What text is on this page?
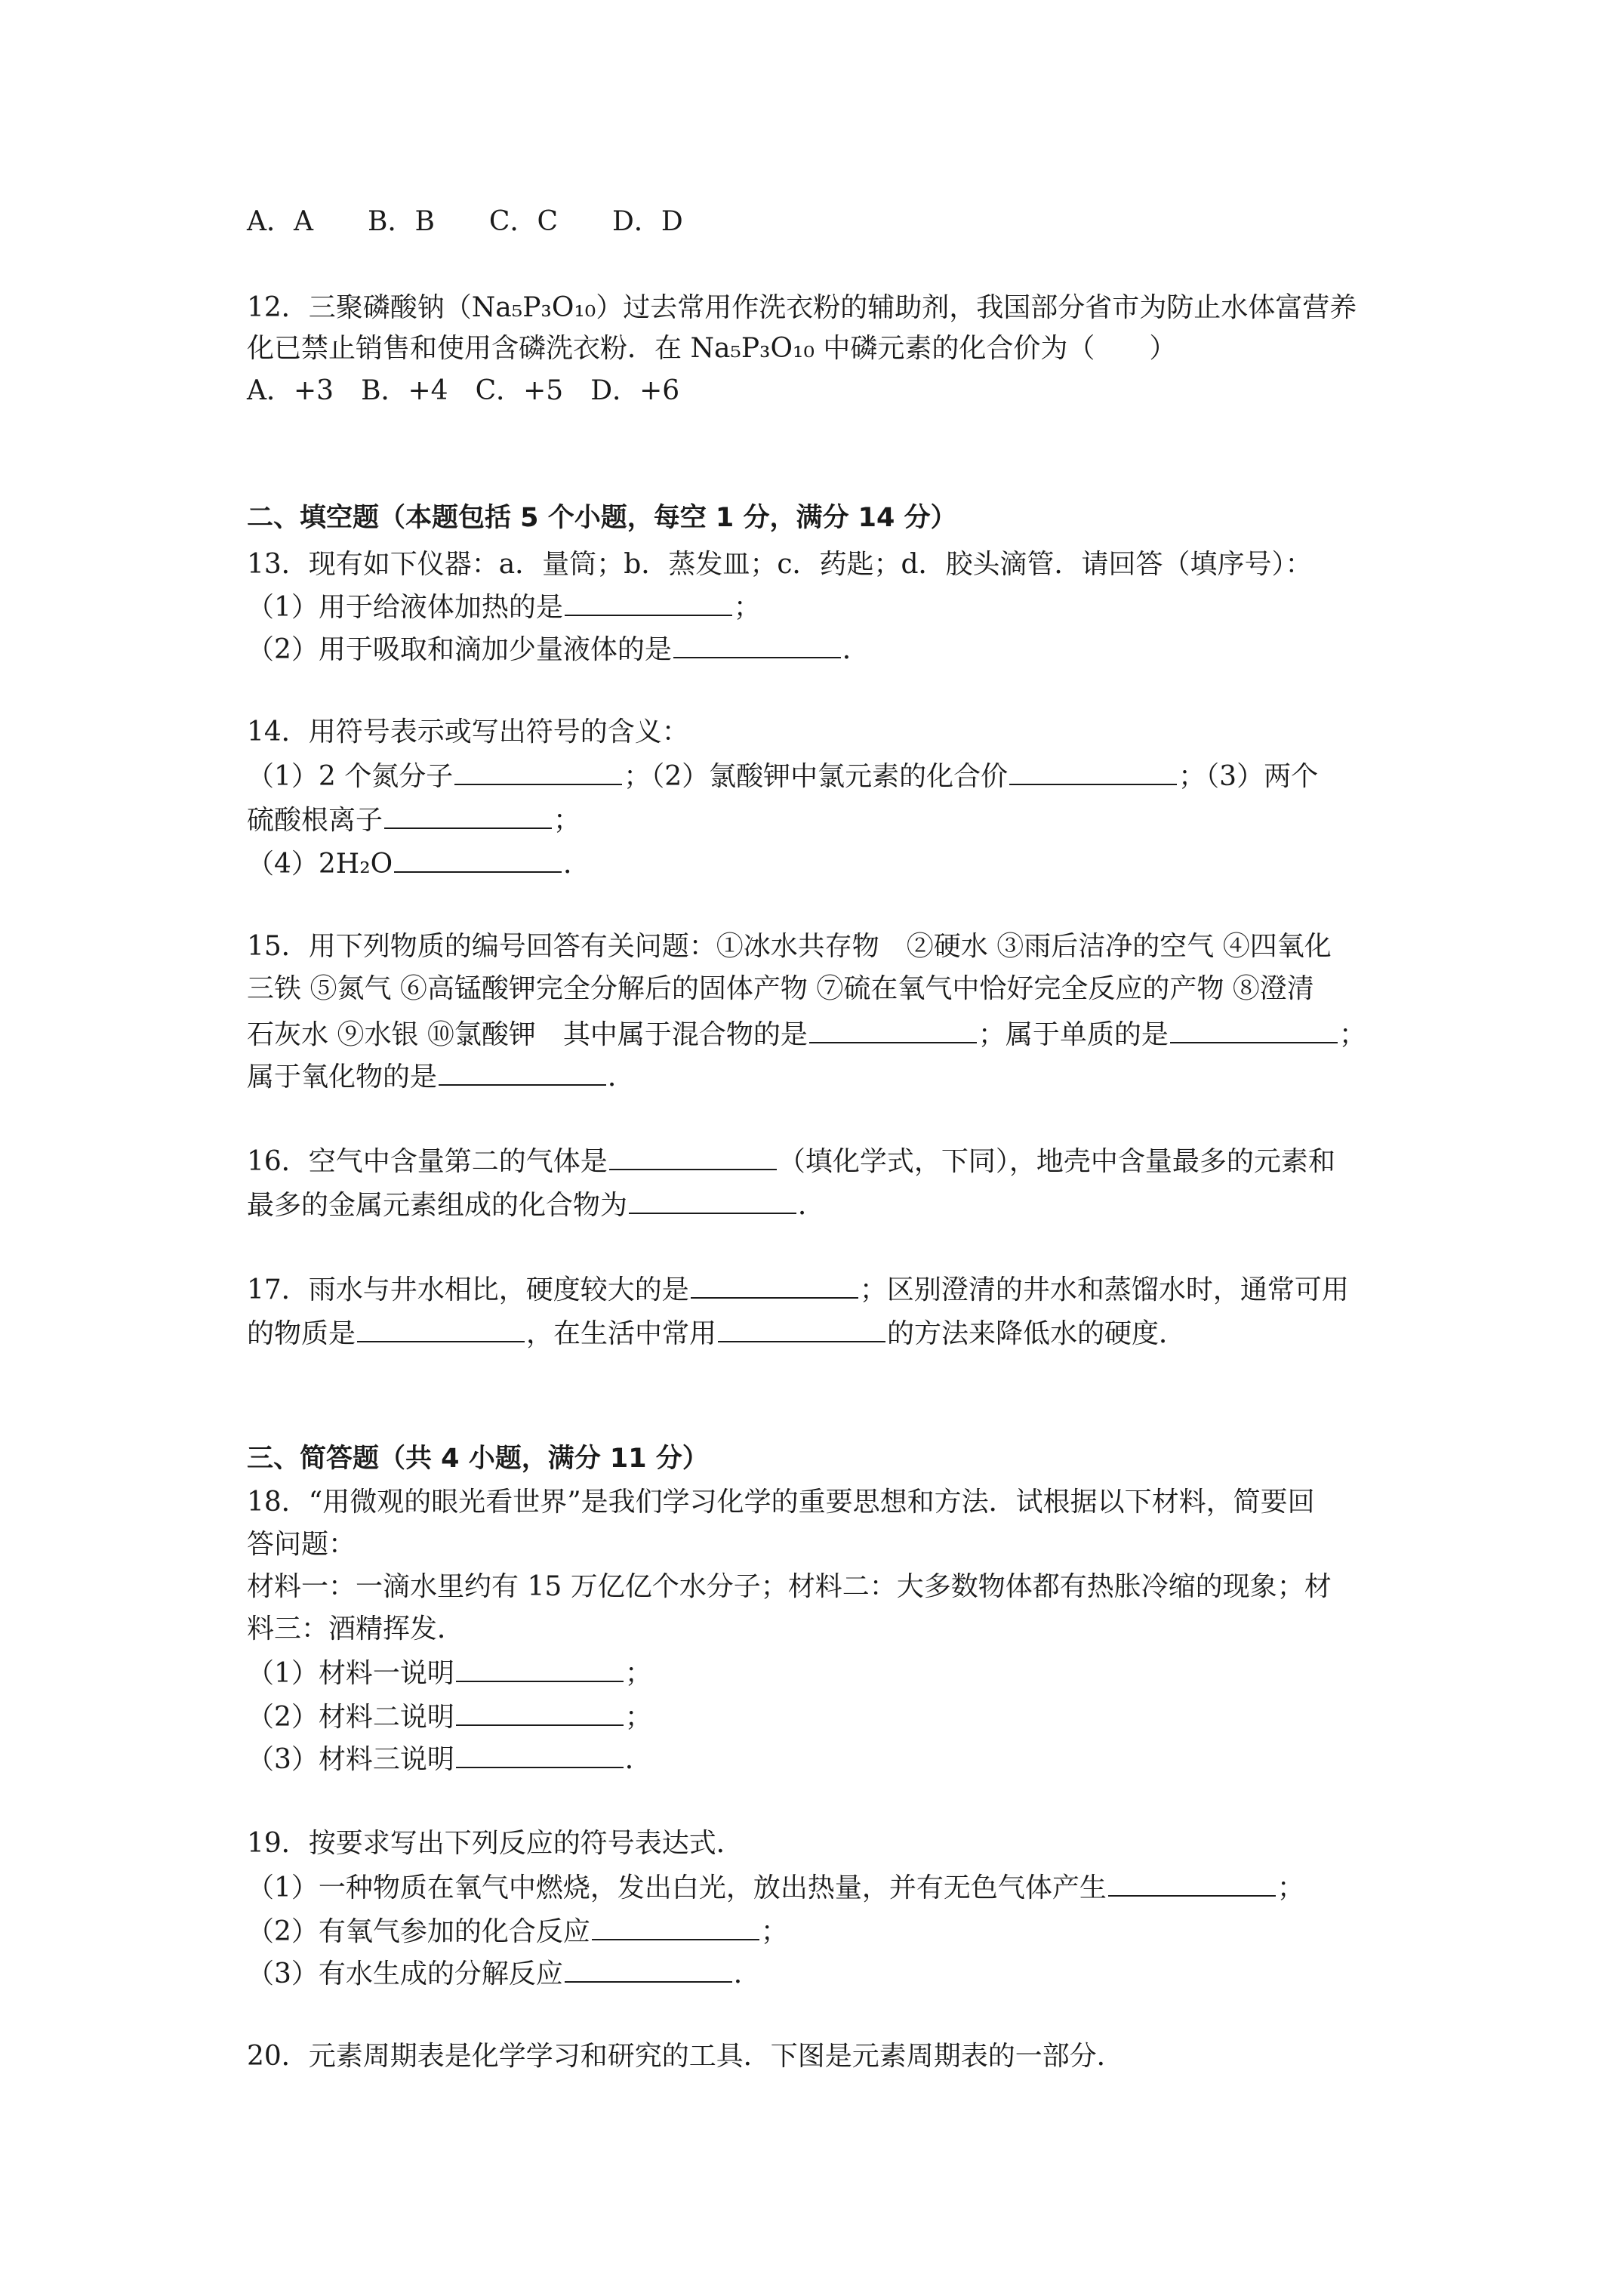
A．A　　B．B　　C．C　　D．D
12．三聚磷酸钠（Na₅P₃O₁₀）过去常用作洗衣粉的辅助剂，我国部分省市为防止水体富营养
化已禁止销售和使用含磷洗衣粉．在 Na₅P₃O₁₀ 中磷元素的化合价为（　　）
A．+3　B．+4　C．+5　D．+6
二、填空题（本题包括 5 个小题，每空 1 分，满分 14 分）
13．现有如下仪器：a．量筒；b．蒸发皿；c．药匙；d．胶头滴管．请回答（填序号）：
（1）用于给液体加热的是	；
（2）用于吸取和滴加少量液体的是	．
14．用符号表示或写出符号的含义：
（1）2 个氮分子	；（2）氯酸钾中氯元素的化合价	；（3）两个
硫酸根离子	；
（4）2H₂O	．
15．用下列物质的编号回答有关问题：①冰水共存物　②硬水 ③雨后洁净的空气 ④四氧化
三铁 ⑤氮气 ⑥高锰酸钾完全分解后的固体产物 ⑦硫在氧气中恰好完全反应的产物 ⑧澄清
石灰水 ⑨水银 ⑩氯酸钾　其中属于混合物的是	；属于单质的是	；
属于氧化物的是	．
16．空气中含量第二的气体是	（填化学式，下同），地壳中含量最多的元素和
最多的金属元素组成的化合物为	．
17．雨水与井水相比，硬度较大的是	；区别澄清的井水和蒸馏水时，通常可用
的物质是	，在生活中常用	的方法来降低水的硬度．
三、简答题（共 4 小题，满分 11 分）
18．“用微观的眼光看世界”是我们学习化学的重要思想和方法．试根据以下材料，简要回
答问题：
材料一：一滴水里约有 15 万亿亿个水分子；材料二：大多数物体都有热胀冷缩的现象；材
料三：酒精挥发．
（1）材料一说明	；
（2）材料二说明	；
（3）材料三说明	．
19．按要求写出下列反应的符号表达式．
（1）一种物质在氧气中燃烧，发出白光，放出热量，并有无色气体产生	；
（2）有氧气参加的化合反应	；
（3）有水生成的分解反应	．
20．元素周期表是化学学习和研究的工具．下图是元素周期表的一部分．
